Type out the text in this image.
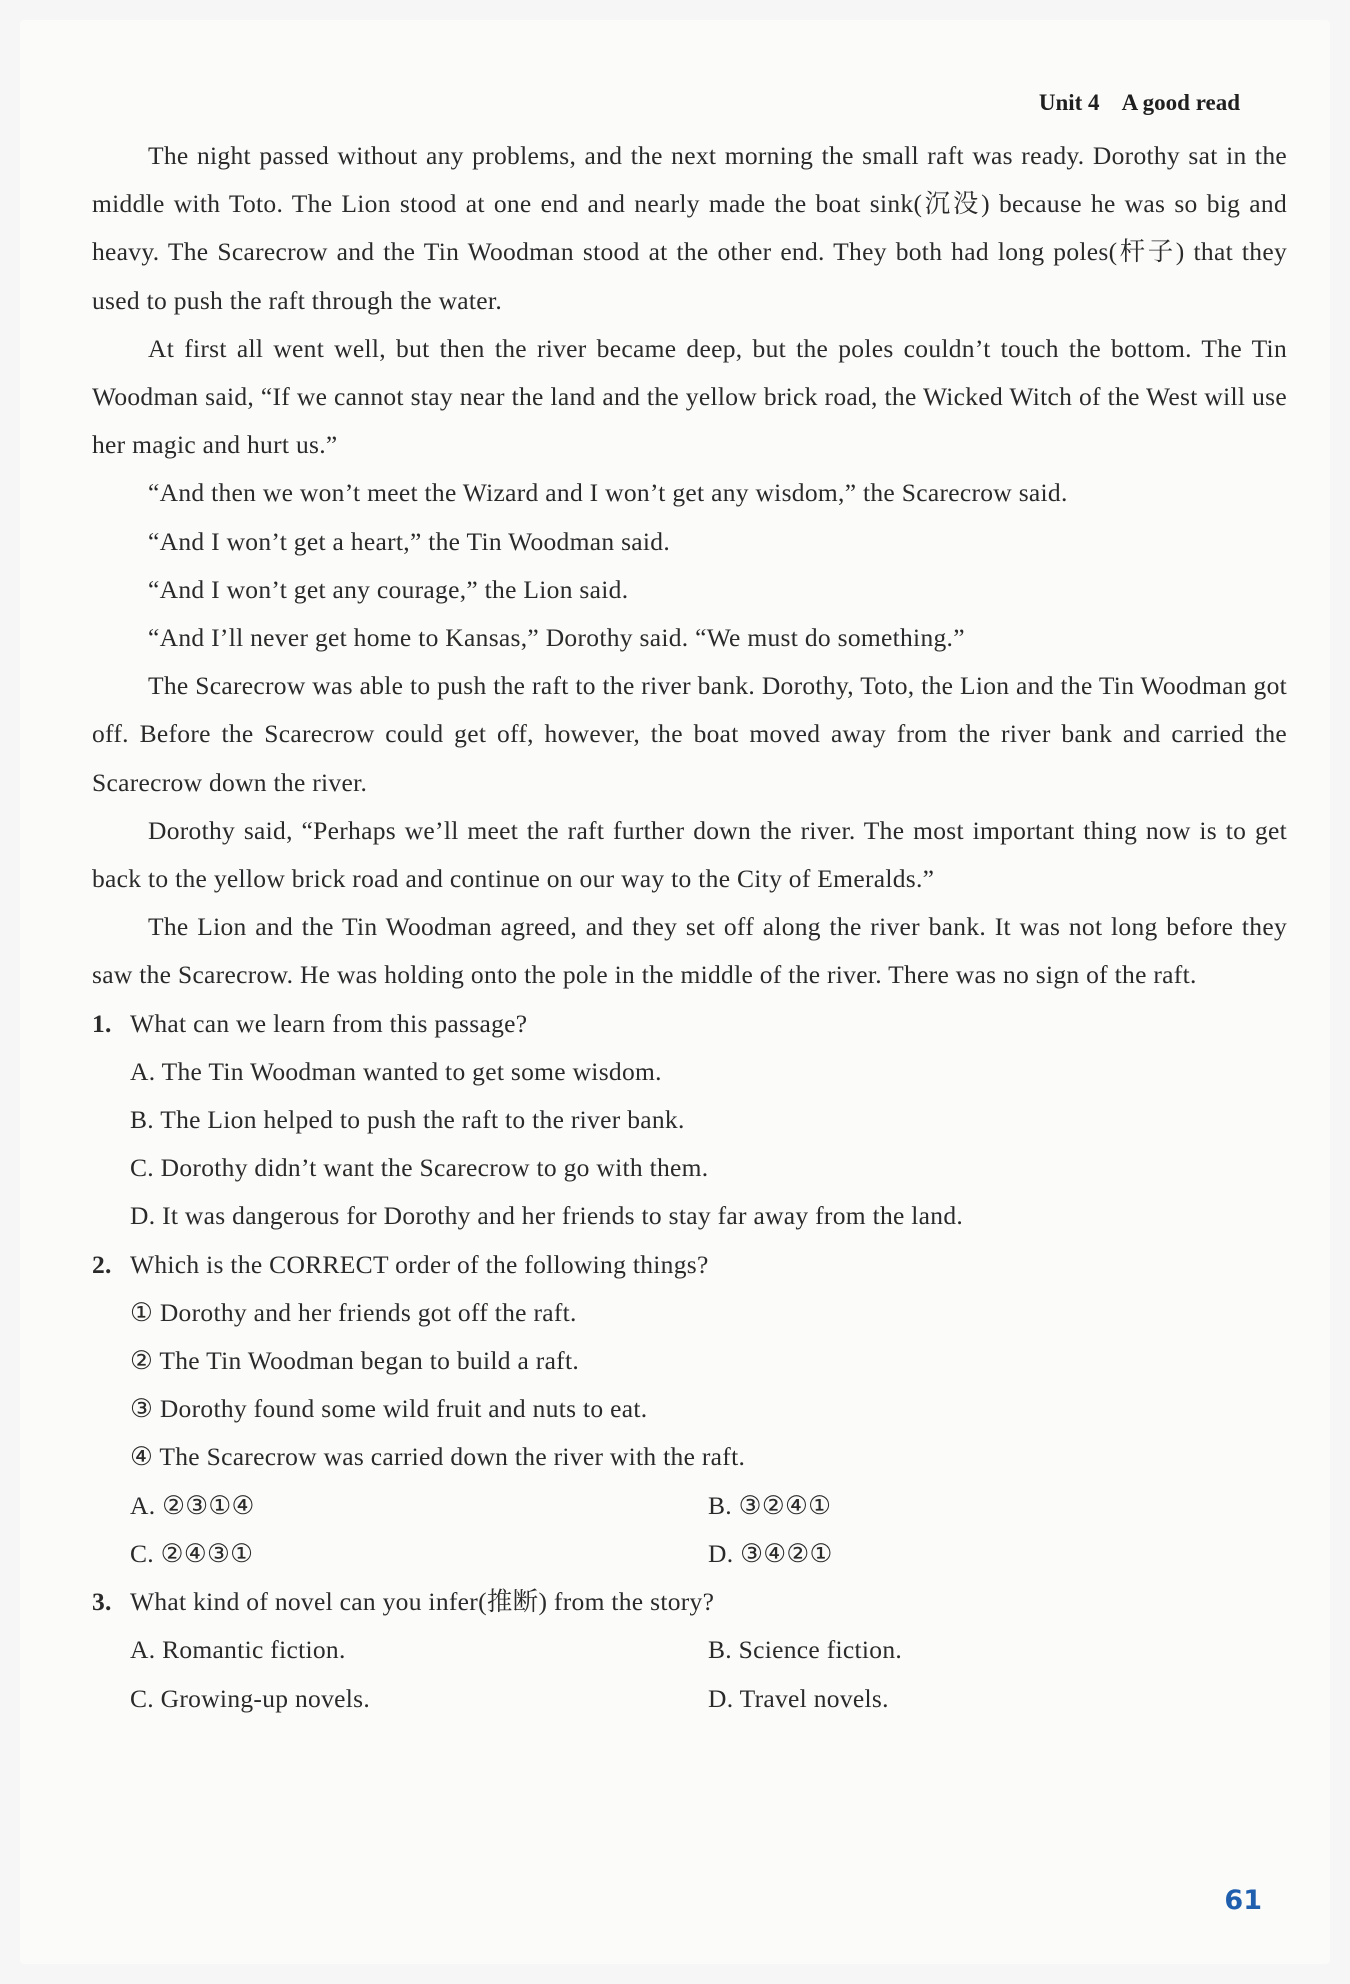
Unit 4 A good read

The night passed without any problems, and the next morning the small raft was ready. Dorothy sat in the middle with Toto. The Lion stood at one end and nearly made the boat sink(沉没) because he was so big and heavy. The Scarecrow and the Tin Woodman stood at the other end. They both had long poles(杆子) that they used to push the raft through the water.

At first all went well, but then the river became deep, but the poles couldn’t touch the bottom. The Tin Woodman said, “If we cannot stay near the land and the yellow brick road, the Wicked Witch of the West will use her magic and hurt us.”

“And then we won’t meet the Wizard and I won’t get any wisdom,” the Scarecrow said.

“And I won’t get a heart,” the Tin Woodman said.

“And I won’t get any courage,” the Lion said.

“And I’ll never get home to Kansas,” Dorothy said. “We must do something.”

The Scarecrow was able to push the raft to the river bank. Dorothy, Toto, the Lion and the Tin Woodman got off. Before the Scarecrow could get off, however, the boat moved away from the river bank and carried the Scarecrow down the river.

Dorothy said, “Perhaps we’ll meet the raft further down the river. The most important thing now is to get back to the yellow brick road and continue on our way to the City of Emeralds.”

The Lion and the Tin Woodman agreed, and they set off along the river bank. It was not long before they saw the Scarecrow. He was holding onto the pole in the middle of the river. There was no sign of the raft.

1. What can we learn from this passage?

A. The Tin Woodman wanted to get some wisdom.

B. The Lion helped to push the raft to the river bank.

C. Dorothy didn’t want the Scarecrow to go with them.

D. It was dangerous for Dorothy and her friends to stay far away from the land.

2. Which is the CORRECT order of the following things?

① Dorothy and her friends got off the raft.

② The Tin Woodman began to build a raft.

③ Dorothy found some wild fruit and nuts to eat.

④ The Scarecrow was carried down the river with the raft.

A. ②③①④	B. ③②④①
C. ②④③①	D. ③④②①

3. What kind of novel can you infer(推断) from the story?

A. Romantic fiction.	B. Science fiction.
C. Growing-up novels.	D. Travel novels.
61
